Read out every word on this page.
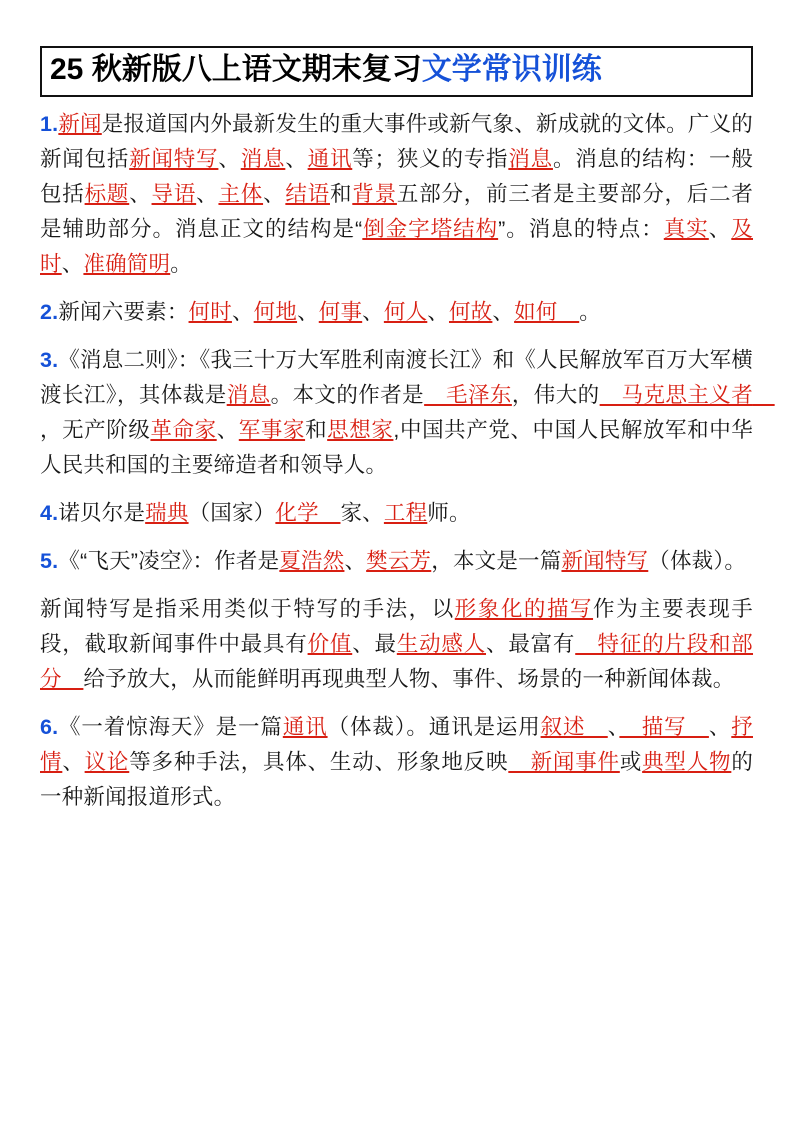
25 秋新版八上语文期末复习文学常识训练

1.新闻是报道国内外最新发生的重大事件或新气象、新成就的文体。广义的新闻包括新闻特写、消息、通讯等；狭义的专指消息。消息的结构：一般包括标题、导语、主体、结语和背景五部分，前三者是主要部分，后二者是辅助部分。消息正文的结构是“倒金字塔结构”。消息的特点：真实、及时、准确简明。

2.新闻六要素：何时、何地、何事、何人、何故、如何　。

3.《消息二则》：《我三十万大军胜利南渡长江》和《人民解放军百万大军横渡长江》，其体裁是消息。本文的作者是　毛泽东，伟大的　马克思主义者　，无产阶级革命家、军事家和思想家,中国共产党、中国人民解放军和中华人民共和国的主要缔造者和领导人。

4.诺贝尔是瑞典（国家）化学　家、工程师。

5.《“飞天”凌空》：作者是夏浩然、樊云芳，本文是一篇新闻特写（体裁）。

新闻特写是指采用类似于特写的手法，以形象化的描写作为主要表现手段，截取新闻事件中最具有价值、最生动感人、最富有　特征的片段和部分　给予放大，从而能鲜明再现典型人物、事件、场景的一种新闻体裁。

6.《一着惊海天》是一篇通讯（体裁）。通讯是运用叙述　、　描写　、抒情、议论等多种手法，具体、生动、形象地反映　新闻事件或典型人物的一种新闻报道形式。
